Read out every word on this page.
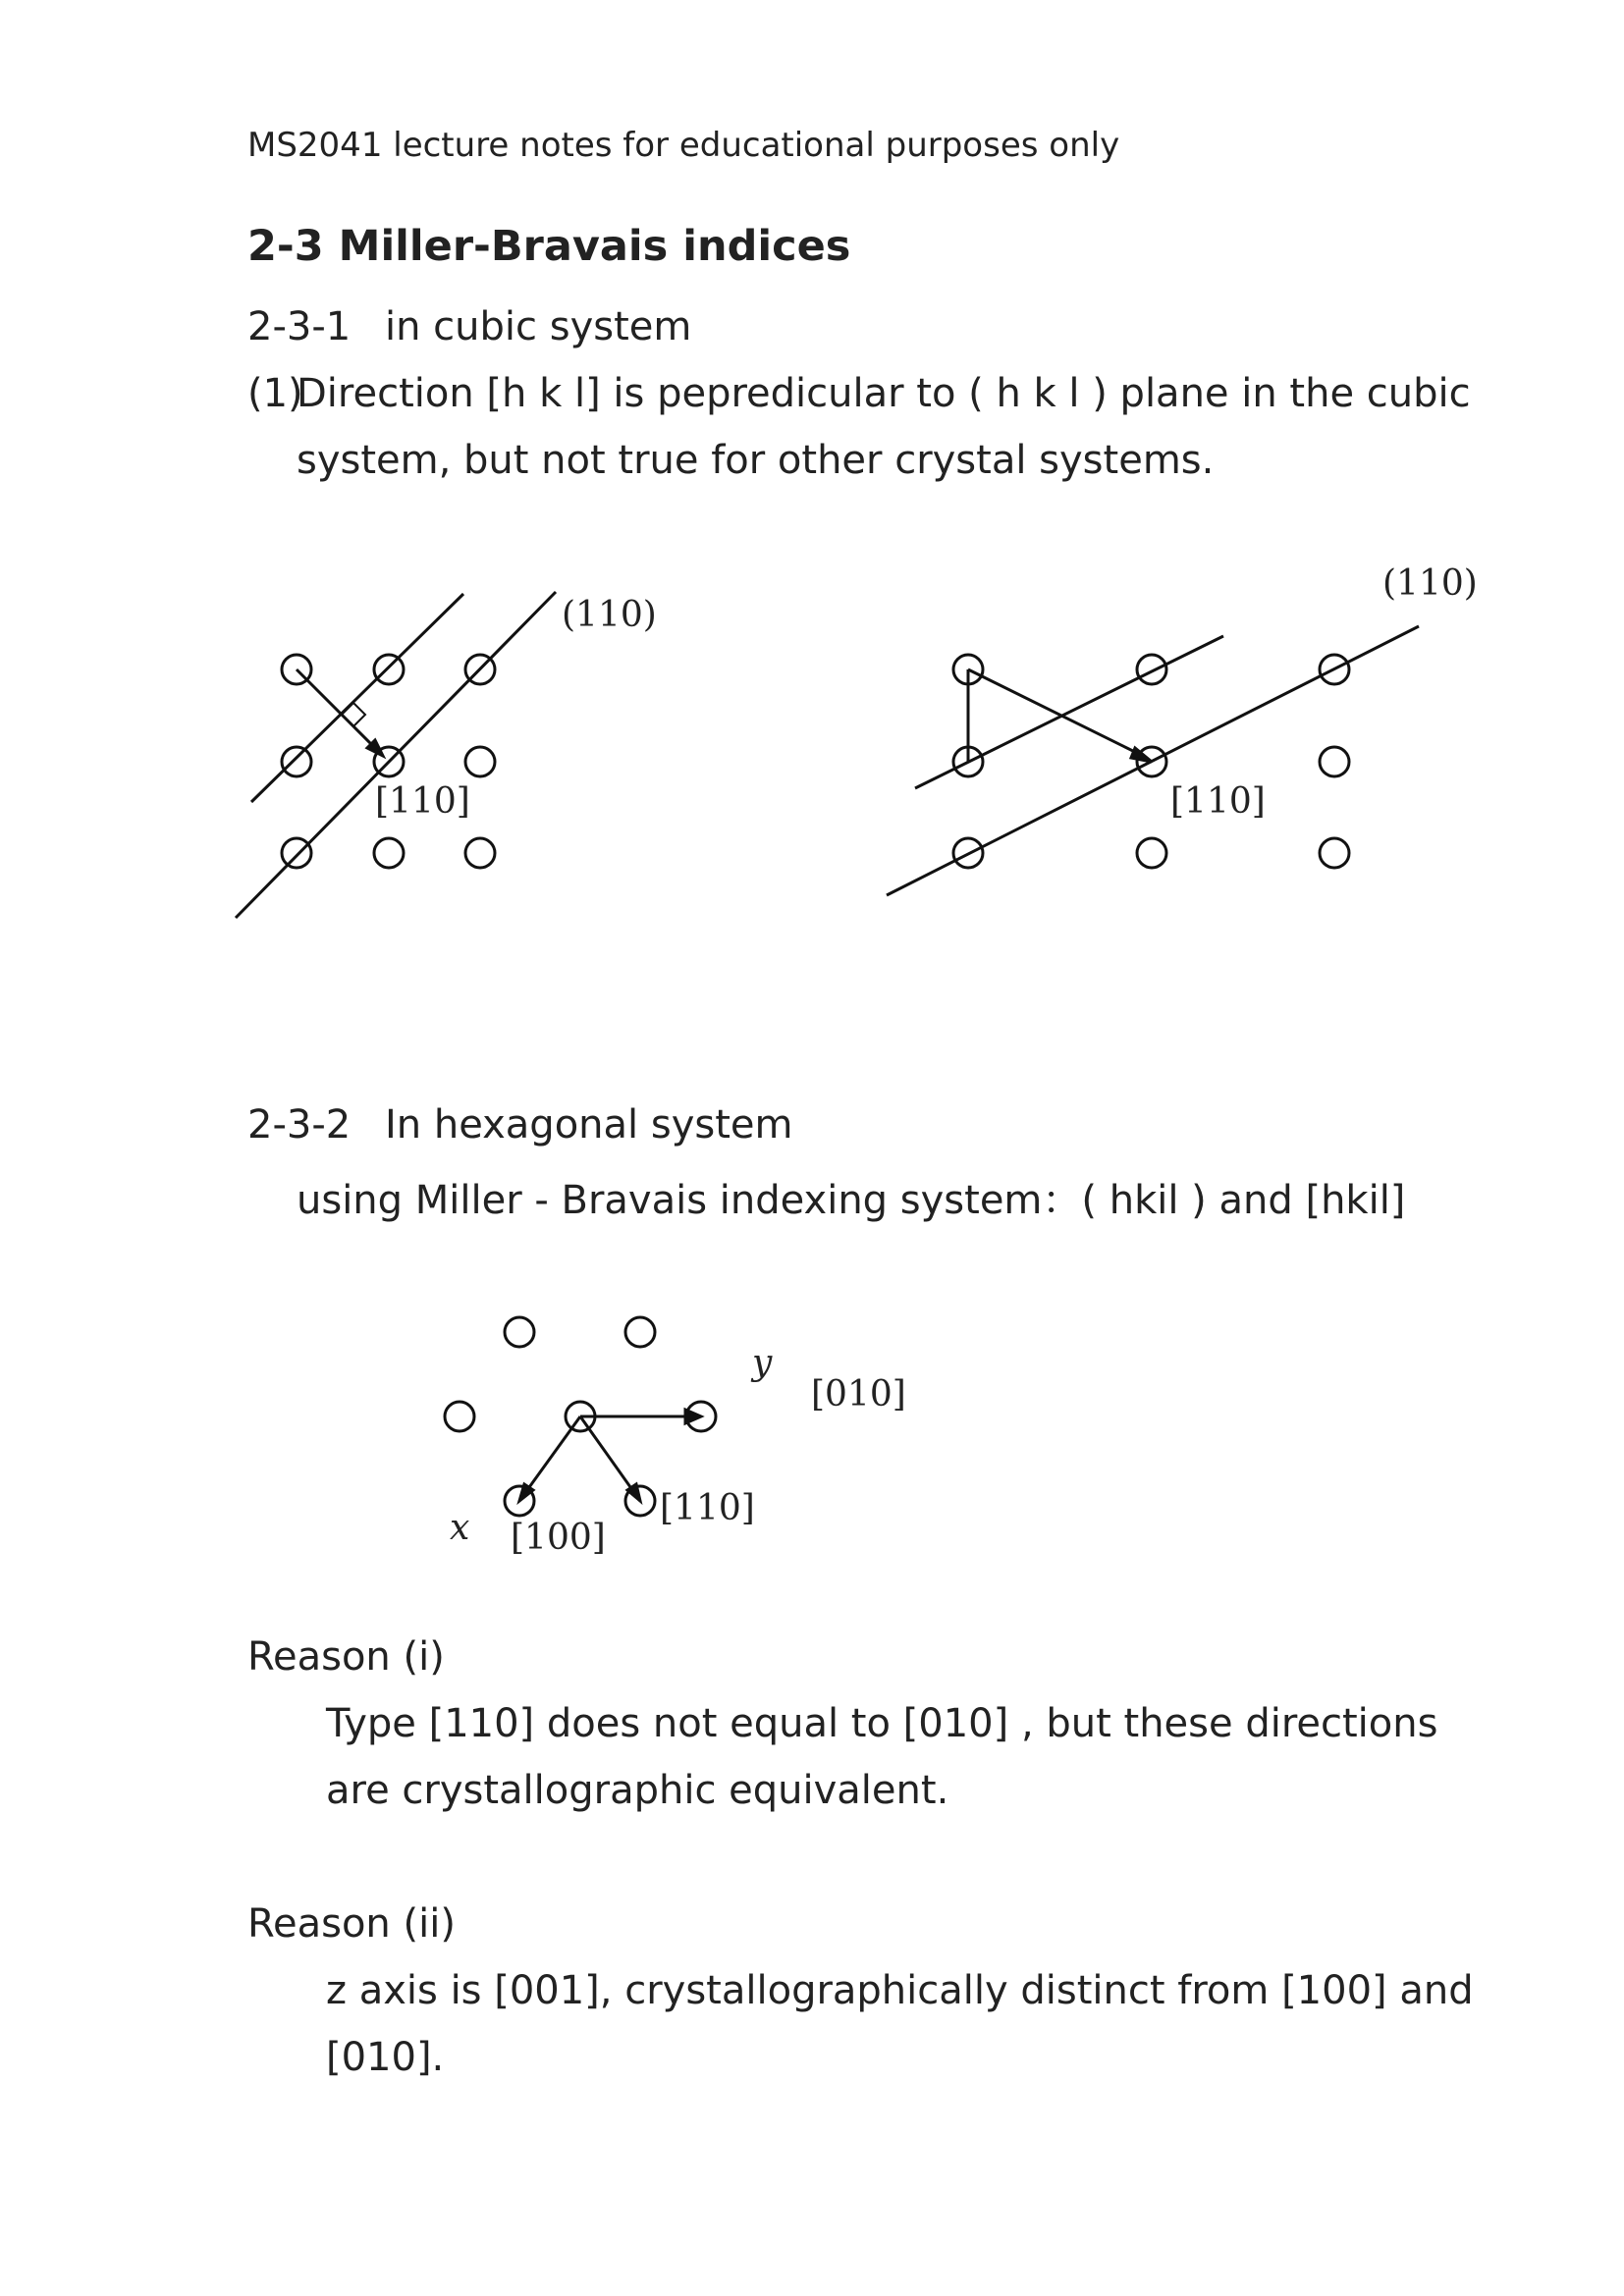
MS2041 lecture notes for educational purposes only
2-3 Miller-Bravais indices
2-3-1 in cubic system
(1)
Direction [h k l] is pepredicular to ( h k l ) plane in the cubic
system, but not true for other crystal systems.
(110)
[110]
(110)
[110]
2-3-2 In hexagonal system
using Miller - Bravais indexing system：( hkil ) and [hkil]
y
[010]
[110]
x [100]
Reason (i)
Type [110] does not equal to [010] , but these directions
are crystallographic equivalent.
Reason (ii)
z axis is [001], crystallographically distinct from [100] and
[010].
